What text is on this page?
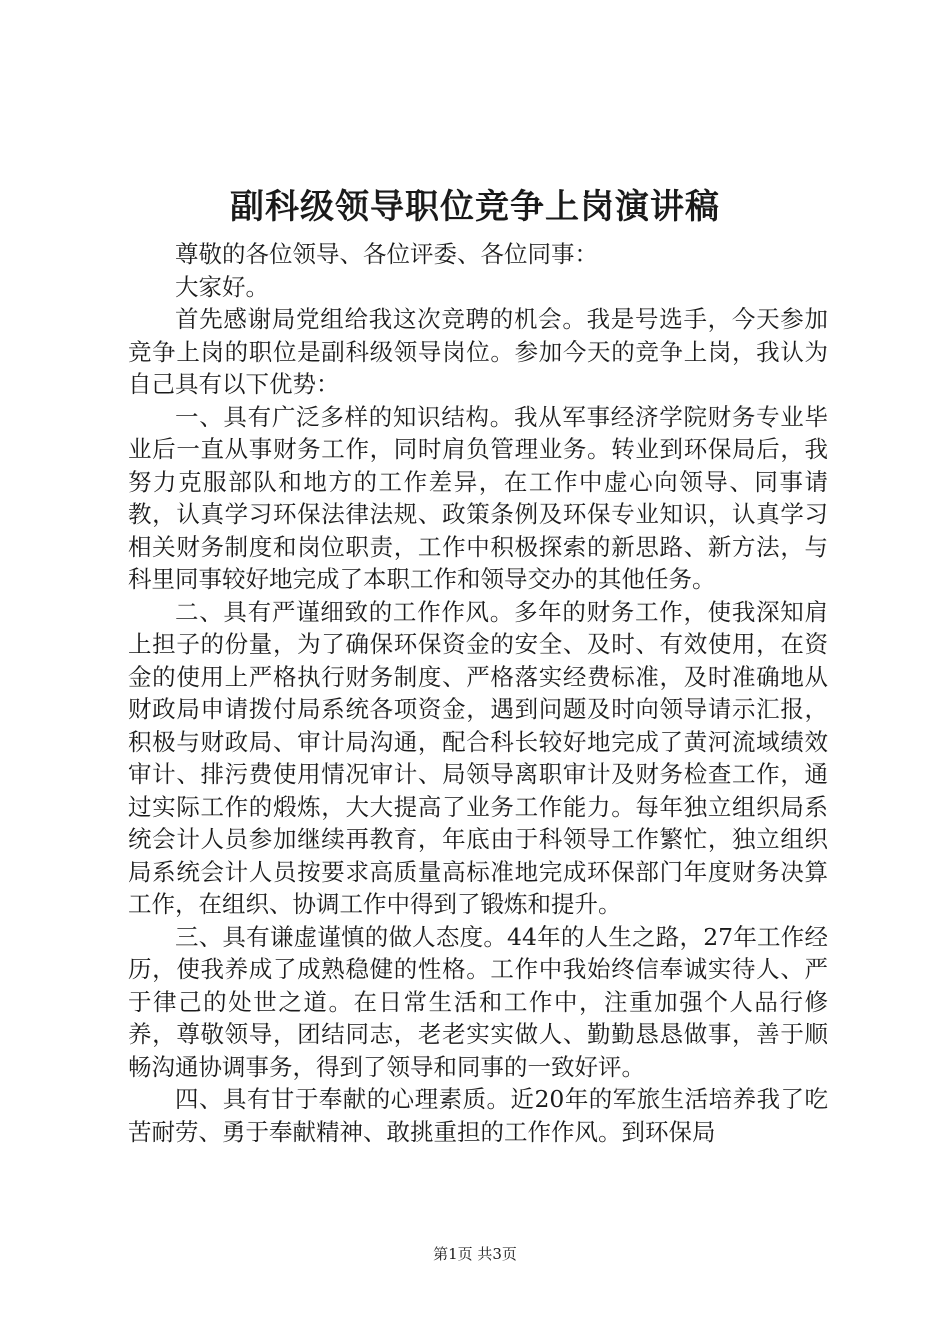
副科级领导职位竞争上岗演讲稿

尊敬的各位领导、各位评委、各位同事：

大家好。

首先感谢局党组给我这次竞聘的机会。我是号选手，今天参加竞争上岗的职位是副科级领导岗位。参加今天的竞争上岗，我认为自己具有以下优势：

一、具有广泛多样的知识结构。我从军事经济学院财务专业毕业后一直从事财务工作，同时肩负管理业务。转业到环保局后，我努力克服部队和地方的工作差异，在工作中虚心向领导、同事请教，认真学习环保法律法规、政策条例及环保专业知识，认真学习相关财务制度和岗位职责，工作中积极探索的新思路、新方法，与科里同事较好地完成了本职工作和领导交办的其他任务。

二、具有严谨细致的工作作风。多年的财务工作，使我深知肩上担子的份量，为了确保环保资金的安全、及时、有效使用，在资金的使用上严格执行财务制度、严格落实经费标准，及时准确地从财政局申请拨付局系统各项资金，遇到问题及时向领导请示汇报，积极与财政局、审计局沟通，配合科长较好地完成了黄河流域绩效审计、排污费使用情况审计、局领导离职审计及财务检查工作，通过实际工作的煅炼，大大提高了业务工作能力。每年独立组织局系统会计人员参加继续再教育，年底由于科领导工作繁忙，独立组织局系统会计人员按要求高质量高标准地完成环保部门年度财务决算工作，在组织、协调工作中得到了锻炼和提升。

三、具有谦虚谨慎的做人态度。44年的人生之路，27年工作经历，使我养成了成熟稳健的性格。工作中我始终信奉诚实待人、严于律己的处世之道。在日常生活和工作中，注重加强个人品行修养，尊敬领导，团结同志，老老实实做人、勤勤恳恳做事，善于顺畅沟通协调事务，得到了领导和同事的一致好评。

四、具有甘于奉献的心理素质。近20年的军旅生活培养我了吃苦耐劳、勇于奉献精神、敢挑重担的工作作风。到环保局

第1页 共3页
